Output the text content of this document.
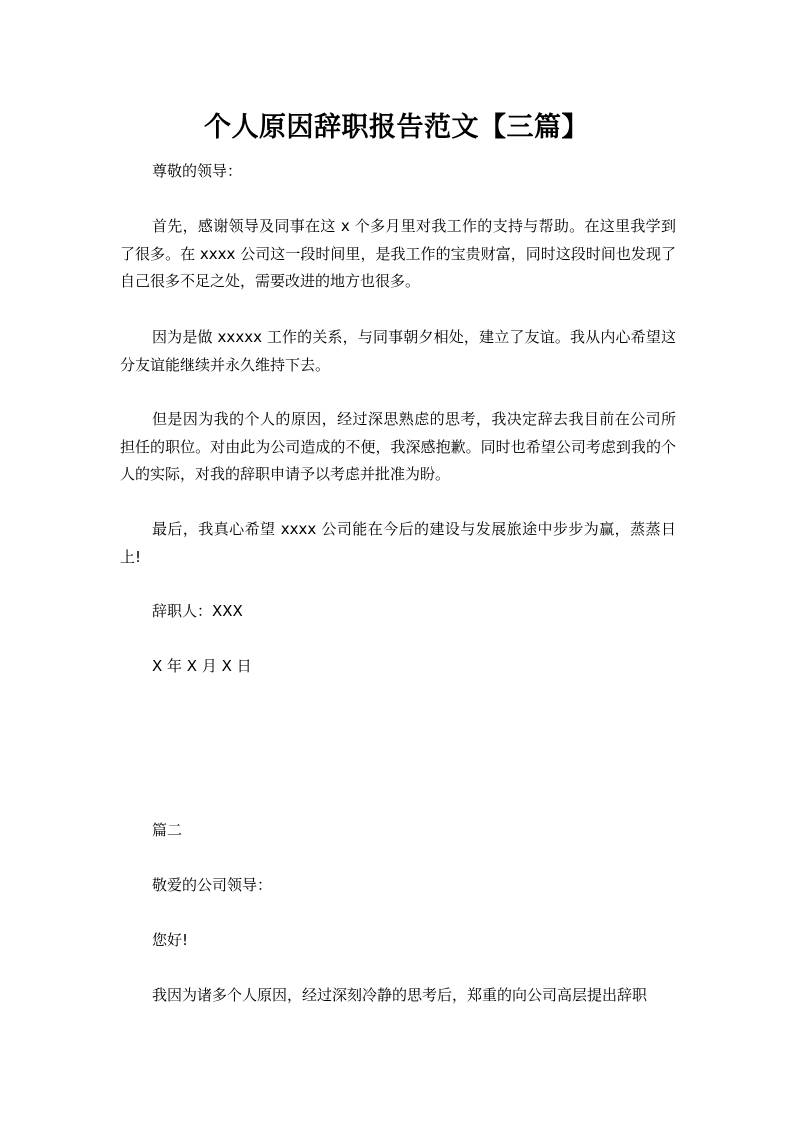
个人原因辞职报告范文【三篇】

尊敬的领导：

首先，感谢领导及同事在这 x 个多月里对我工作的支持与帮助。在这里我学到了很多。在 xxxx 公司这一段时间里，是我工作的宝贵财富，同时这段时间也发现了自己很多不足之处，需要改进的地方也很多。

因为是做 xxxxx 工作的关系，与同事朝夕相处，建立了友谊。我从内心希望这分友谊能继续并永久维持下去。

但是因为我的个人的原因，经过深思熟虑的思考，我决定辞去我目前在公司所担任的职位。对由此为公司造成的不便，我深感抱歉。同时也希望公司考虑到我的个人的实际，对我的辞职申请予以考虑并批准为盼。

最后，我真心希望 xxxx 公司能在今后的建设与发展旅途中步步为赢，蒸蒸日上!

辞职人：XXX

X 年 X 月 X 日

篇二

敬爱的公司领导：

您好!

我因为诸多个人原因，经过深刻冷静的思考后，郑重的向公司高层提出辞职
